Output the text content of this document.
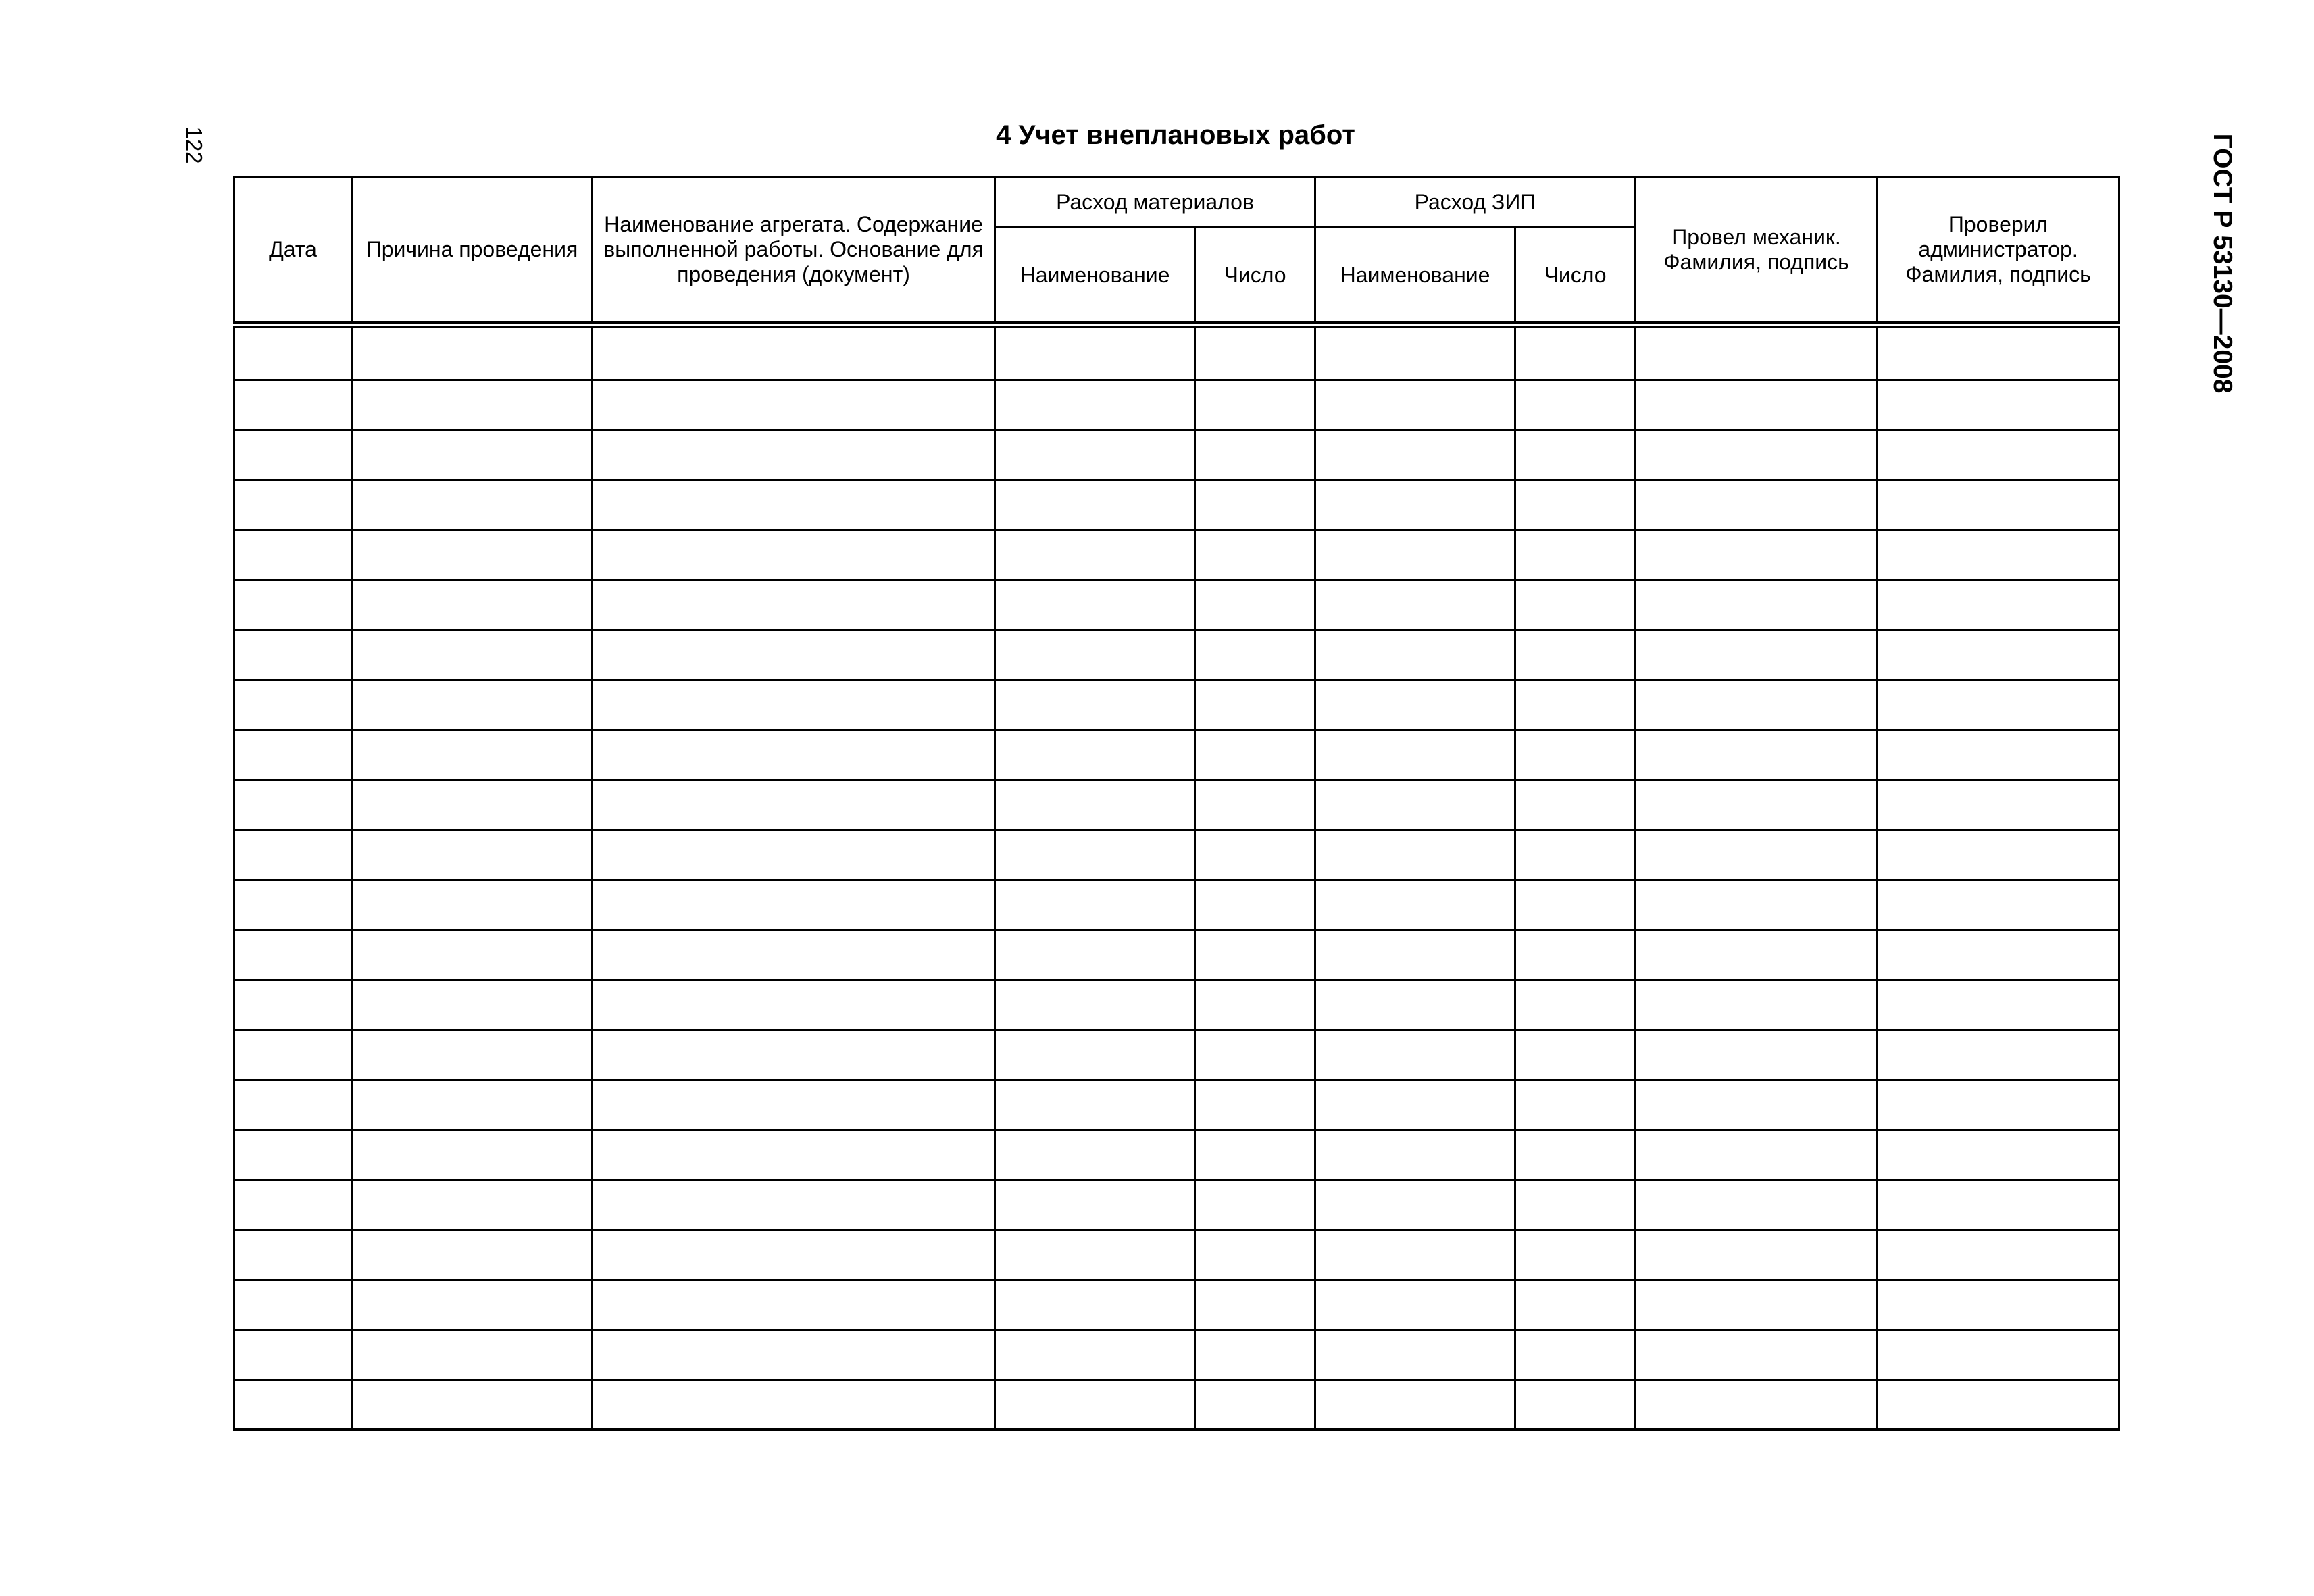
122	ГОСТ Р 53130—2008
4 Учет внеплановых работ
Дата	Причина проведения	Наименование агрегата. Содержание выполненной работы. Основание для проведения (документ)	Расход материалов		Расход ЗИП		Провел механик. Фамилия, подпись	Проверил администратор. Фамилия, подпись
			Наименование	Число	Наименование	Число		
